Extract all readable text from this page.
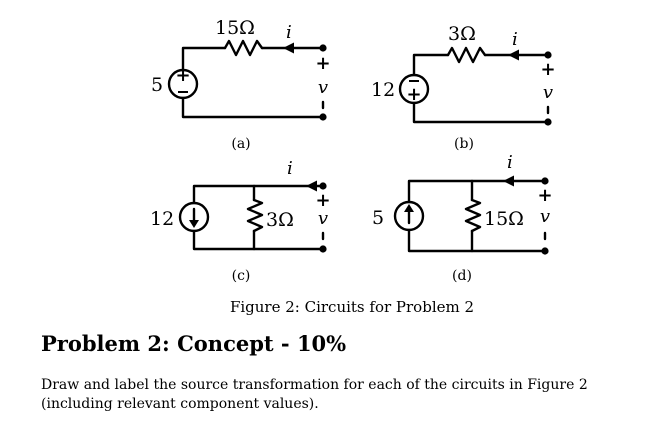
+
15Ω i
+
v
5
(a)
+
3Ω i
+
v
12
(b)
3Ω
i
+
v
12
(c)
15Ω
i
+
v
5
(d)
Figure 2: Circuits for Problem 2
Problem 2: Concept - 10%

Draw and label the source transformation for each of the circuits in Figure 2 (including relevant component values).
